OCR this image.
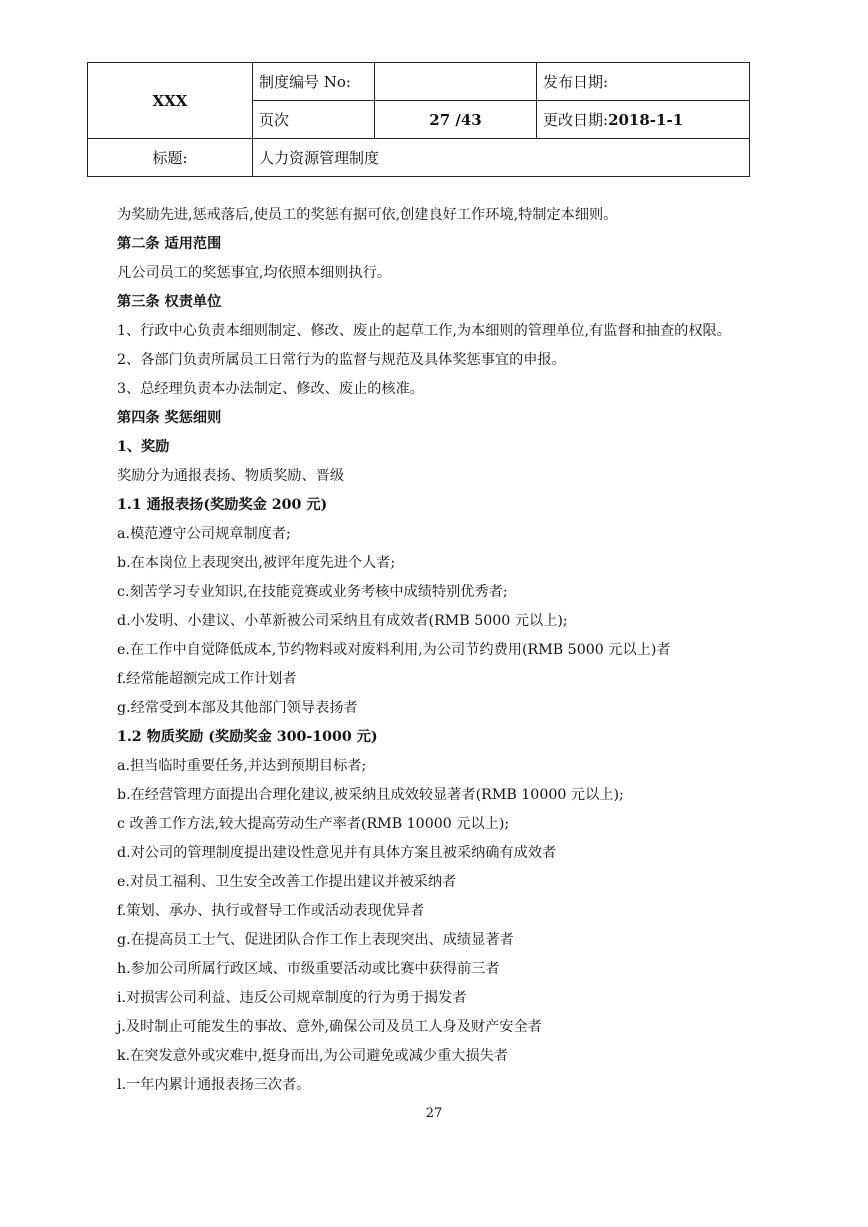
XXX	制度编号 No:		发布日期:
	页次	27 /43	更改日期:2018-1-1
标题:	人力资源管理制度		
为奖励先进,惩戒落后,使员工的奖惩有据可依,创建良好工作环境,特制定本细则。
第二条 适用范围
凡公司员工的奖惩事宜,均依照本细则执行。
第三条 权责单位
1、行政中心负责本细则制定、修改、废止的起草工作,为本细则的管理单位,有监督和抽查的权限。
2、各部门负责所属员工日常行为的监督与规范及具体奖惩事宜的申报。
3、总经理负责本办法制定、修改、废止的核准。
第四条 奖惩细则
1、奖励
奖励分为通报表扬、物质奖励、晋级
1.1 通报表扬(奖励奖金 200 元)
a.模范遵守公司规章制度者;
b.在本岗位上表现突出,被评年度先进个人者;
c.刻苦学习专业知识,在技能竞赛或业务考核中成绩特别优秀者;
d.小发明、小建议、小革新被公司采纳且有成效者(RMB 5000 元以上);
e.在工作中自觉降低成本,节约物料或对废料利用,为公司节约费用(RMB 5000 元以上)者
f.经常能超额完成工作计划者
g.经常受到本部及其他部门领导表扬者
1.2 物质奖励 (奖励奖金 300-1000 元)
a.担当临时重要任务,并达到预期目标者;
b.在经营管理方面提出合理化建议,被采纳且成效较显著者(RMB 10000 元以上);
c 改善工作方法,较大提高劳动生产率者(RMB 10000 元以上);
d.对公司的管理制度提出建设性意见并有具体方案且被采纳确有成效者
e.对员工福利、卫生安全改善工作提出建议并被采纳者
f.策划、承办、执行或督导工作或活动表现优异者
g.在提高员工士气、促进团队合作工作上表现突出、成绩显著者
h.参加公司所属行政区域、市级重要活动或比赛中获得前三者
i.对损害公司利益、违反公司规章制度的行为勇于揭发者
j.及时制止可能发生的事故、意外,确保公司及员工人身及财产安全者
k.在突发意外或灾难中,挺身而出,为公司避免或减少重大损失者
l.一年内累计通报表扬三次者。
27
